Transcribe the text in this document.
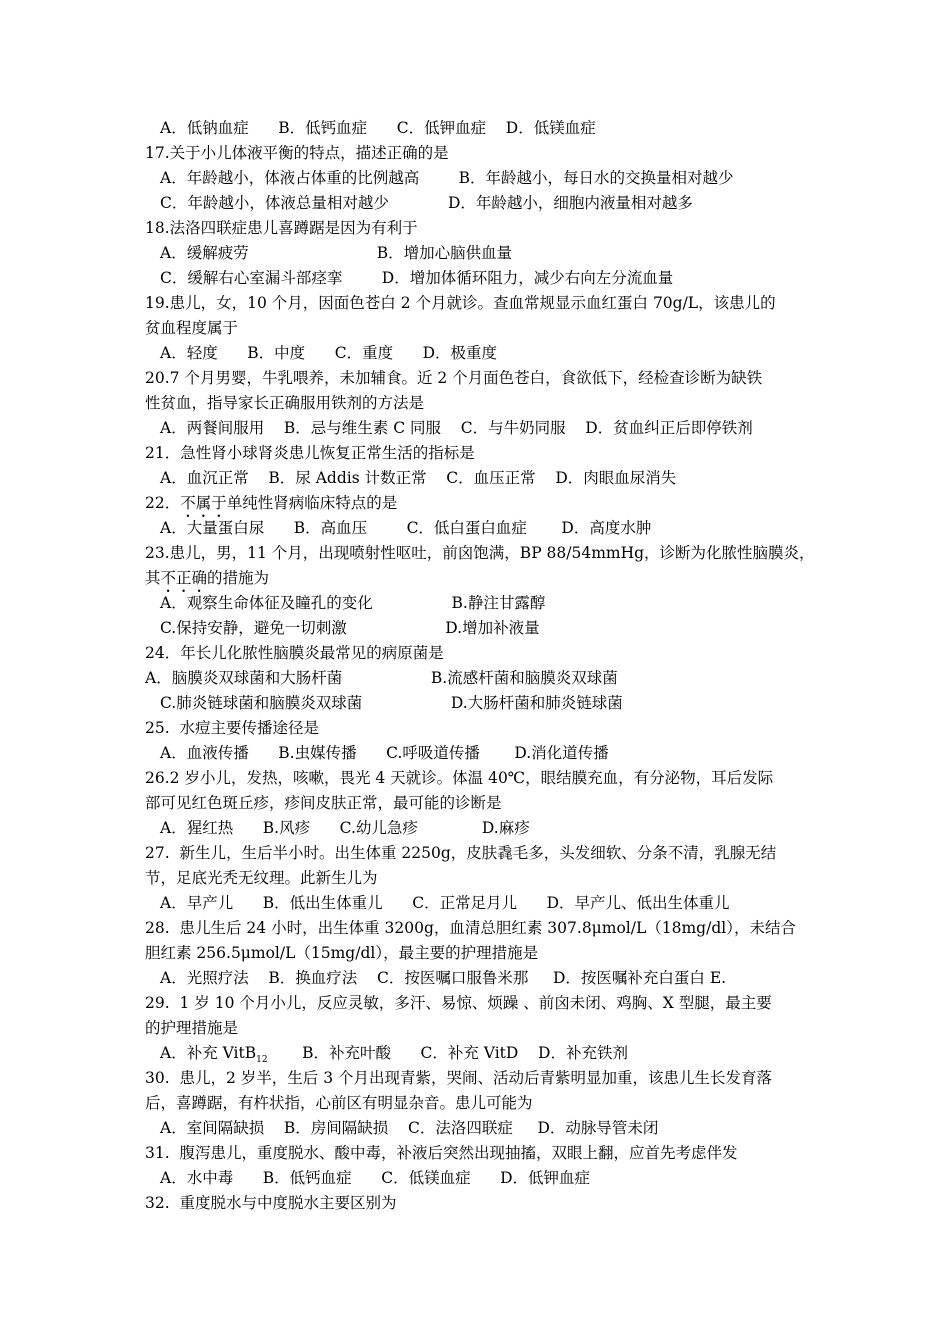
A．低钠血症      B．低钙血症      C．低钾血症    D．低镁血症
17.关于小儿体液平衡的特点，描述正确的是
A．年龄越小，体液占体重的比例越高        B．年龄越小，每日水的交换量相对越少
C．年龄越小，体液总量相对越少            D．年龄越小，细胞内液量相对越多
18.法洛四联症患儿喜蹲踞是因为有利于
A．缓解疲劳                          B．增加心脑供血量
C．缓解右心室漏斗部痉挛        D．增加体循环阻力，减少右向左分流血量
19.患儿，女，10 个月，因面色苍白 2 个月就诊。查血常规显示血红蛋白 70g/L，该患儿的
贫血程度属于
A．轻度      B．中度      C．重度      D．极重度
20.7 个月男婴，牛乳喂养，未加辅食。近 2 个月面色苍白，食欲低下，经检查诊断为缺铁
性贫血，指导家长正确服用铁剂的方法是
A．两餐间服用    B．忌与维生素 C 同服    C．与牛奶同服    D．贫血纠正后即停铁剂
21．急性肾小球肾炎患儿恢复正常生活的指标是
A．血沉正常    B．尿 Addis 计数正常    C．血压正常    D．肉眼血尿消失
22．不属于单纯性肾病临床特点的是
A．大量蛋白尿      B．高血压        C．低白蛋白血症       D．高度水肿
23.患儿，男，11 个月，出现喷射性呕吐，前囟饱满，BP 88/54mmHg，诊断为化脓性脑膜炎，
其不正确的措施为
A．观察生命体征及瞳孔的变化                B.静注甘露醇
C.保持安静，避免一切刺激                    D.增加补液量
24．年长儿化脓性脑膜炎最常见的病原菌是
A．脑膜炎双球菌和大肠杆菌                  B.流感杆菌和脑膜炎双球菌
C.肺炎链球菌和脑膜炎双球菌                  D.大肠杆菌和肺炎链球菌
25.  水痘主要传播途径是
A．血液传播      B.虫媒传播      C.呼吸道传播       D.消化道传播
26.2 岁小儿，发热，咳嗽，畏光 4 天就诊。体温 40℃，眼结膜充血，有分泌物，耳后发际
部可见红色斑丘疹，疹间皮肤正常，最可能的诊断是
A．猩红热      B.风疹      C.幼儿急疹             D.麻疹
27.  新生儿，生后半小时。出生体重 2250g，皮肤毳毛多，头发细软、分条不清，乳腺无结
节，足底光秃无纹理。此新生儿为
A．早产儿      B．低出生体重儿      C．正常足月儿      D．早产儿、低出生体重儿
28.  患儿生后 24 小时，出生体重 3200g，血清总胆红素 307.8μmol/L（18mg/dl），未结合
胆红素 256.5μmol/L（15mg/dl），最主要的护理措施是
A．光照疗法    B．换血疗法    C．按医嘱口服鲁米那     D．按医嘱补充白蛋白 E.
29.  1 岁 10 个月小儿，反应灵敏，多汗、易惊、烦躁 、前囟未闭、鸡胸、X 型腿，最主要
的护理措施是
A．补充 VitB$_{12}$       B．补充叶酸      C．补充 VitD    D．补充铁剂
30.  患儿，2 岁半，生后 3 个月出现青紫，哭闹、活动后青紫明显加重，该患儿生长发育落
后，喜蹲踞，有杵状指，心前区有明显杂音。患儿可能为
A．室间隔缺损    B．房间隔缺损    C．法洛四联症     D．动脉导管未闭
31.  腹泻患儿，重度脱水、酸中毒，补液后突然出现抽搐，双眼上翻，应首先考虑伴发
A．水中毒      B．低钙血症      C．低镁血症      D．低钾血症
32.  重度脱水与中度脱水主要区别为
